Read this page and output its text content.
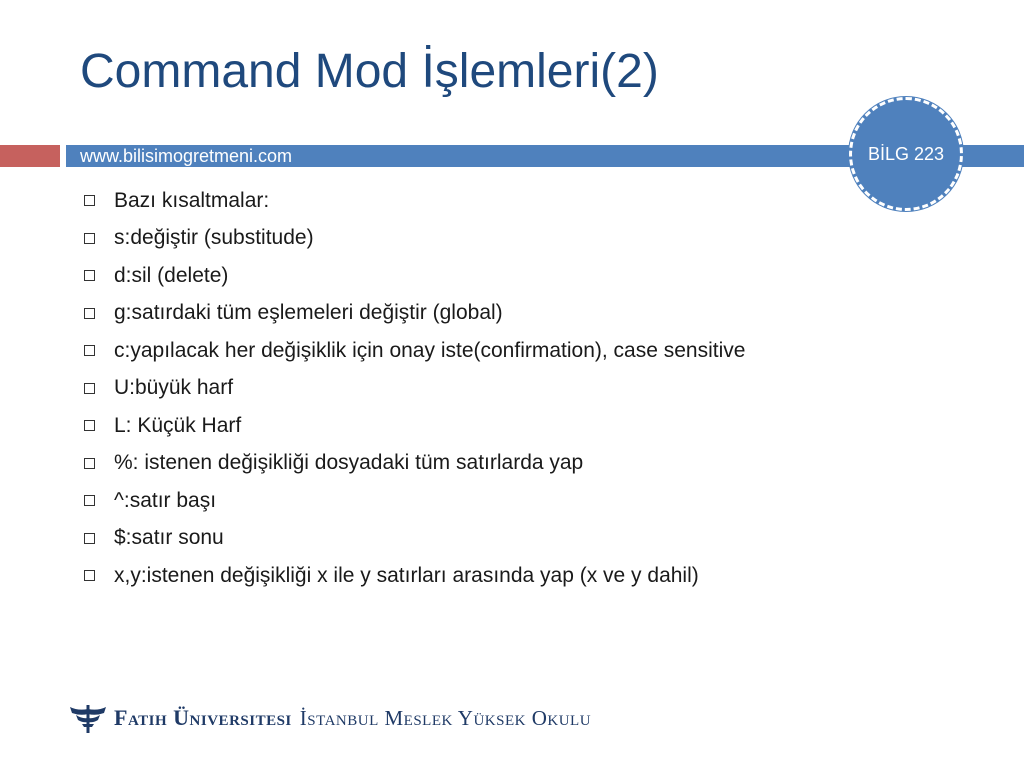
Command Mod İşlemleri(2)
www.bilisimogretmeni.com	BİLG 223
Bazı kısaltmalar:
s:değiştir (substitude)
d:sil (delete)
g:satırdaki tüm eşlemeleri değiştir (global)
c:yapılacak her değişiklik için onay iste(confirmation), case sensitive
U:büyük harf
L: Küçük Harf
%: istenen değişikliği dosyadaki tüm satırlarda yap
^:satır başı
$:satır sonu
x,y:istenen değişikliği x ile y satırları arasında yap (x ve y dahil)
Fatih Üniversitesi İstanbul Meslek Yüksek Okulu
